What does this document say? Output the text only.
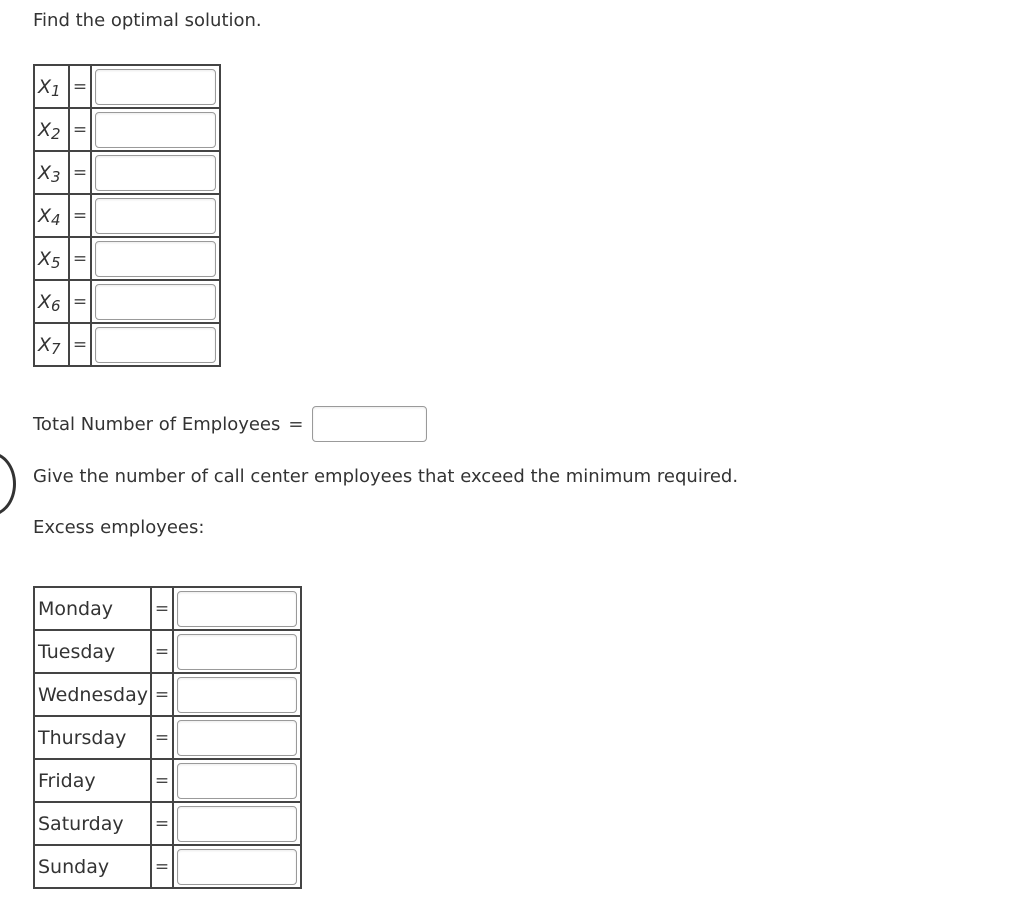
Find the optimal solution.

$X_1$	=

$X_2$	=

$X_3$	=

$X_4$	=

$X_5$	=

$X_6$	=

$X_7$	=

Total Number of Employees =

Give the number of call center employees that exceed the minimum required.

Excess employees:

Monday	=

Tuesday	=

Wednesday	=

Thursday	=

Friday	=

Saturday	=

Sunday	=
